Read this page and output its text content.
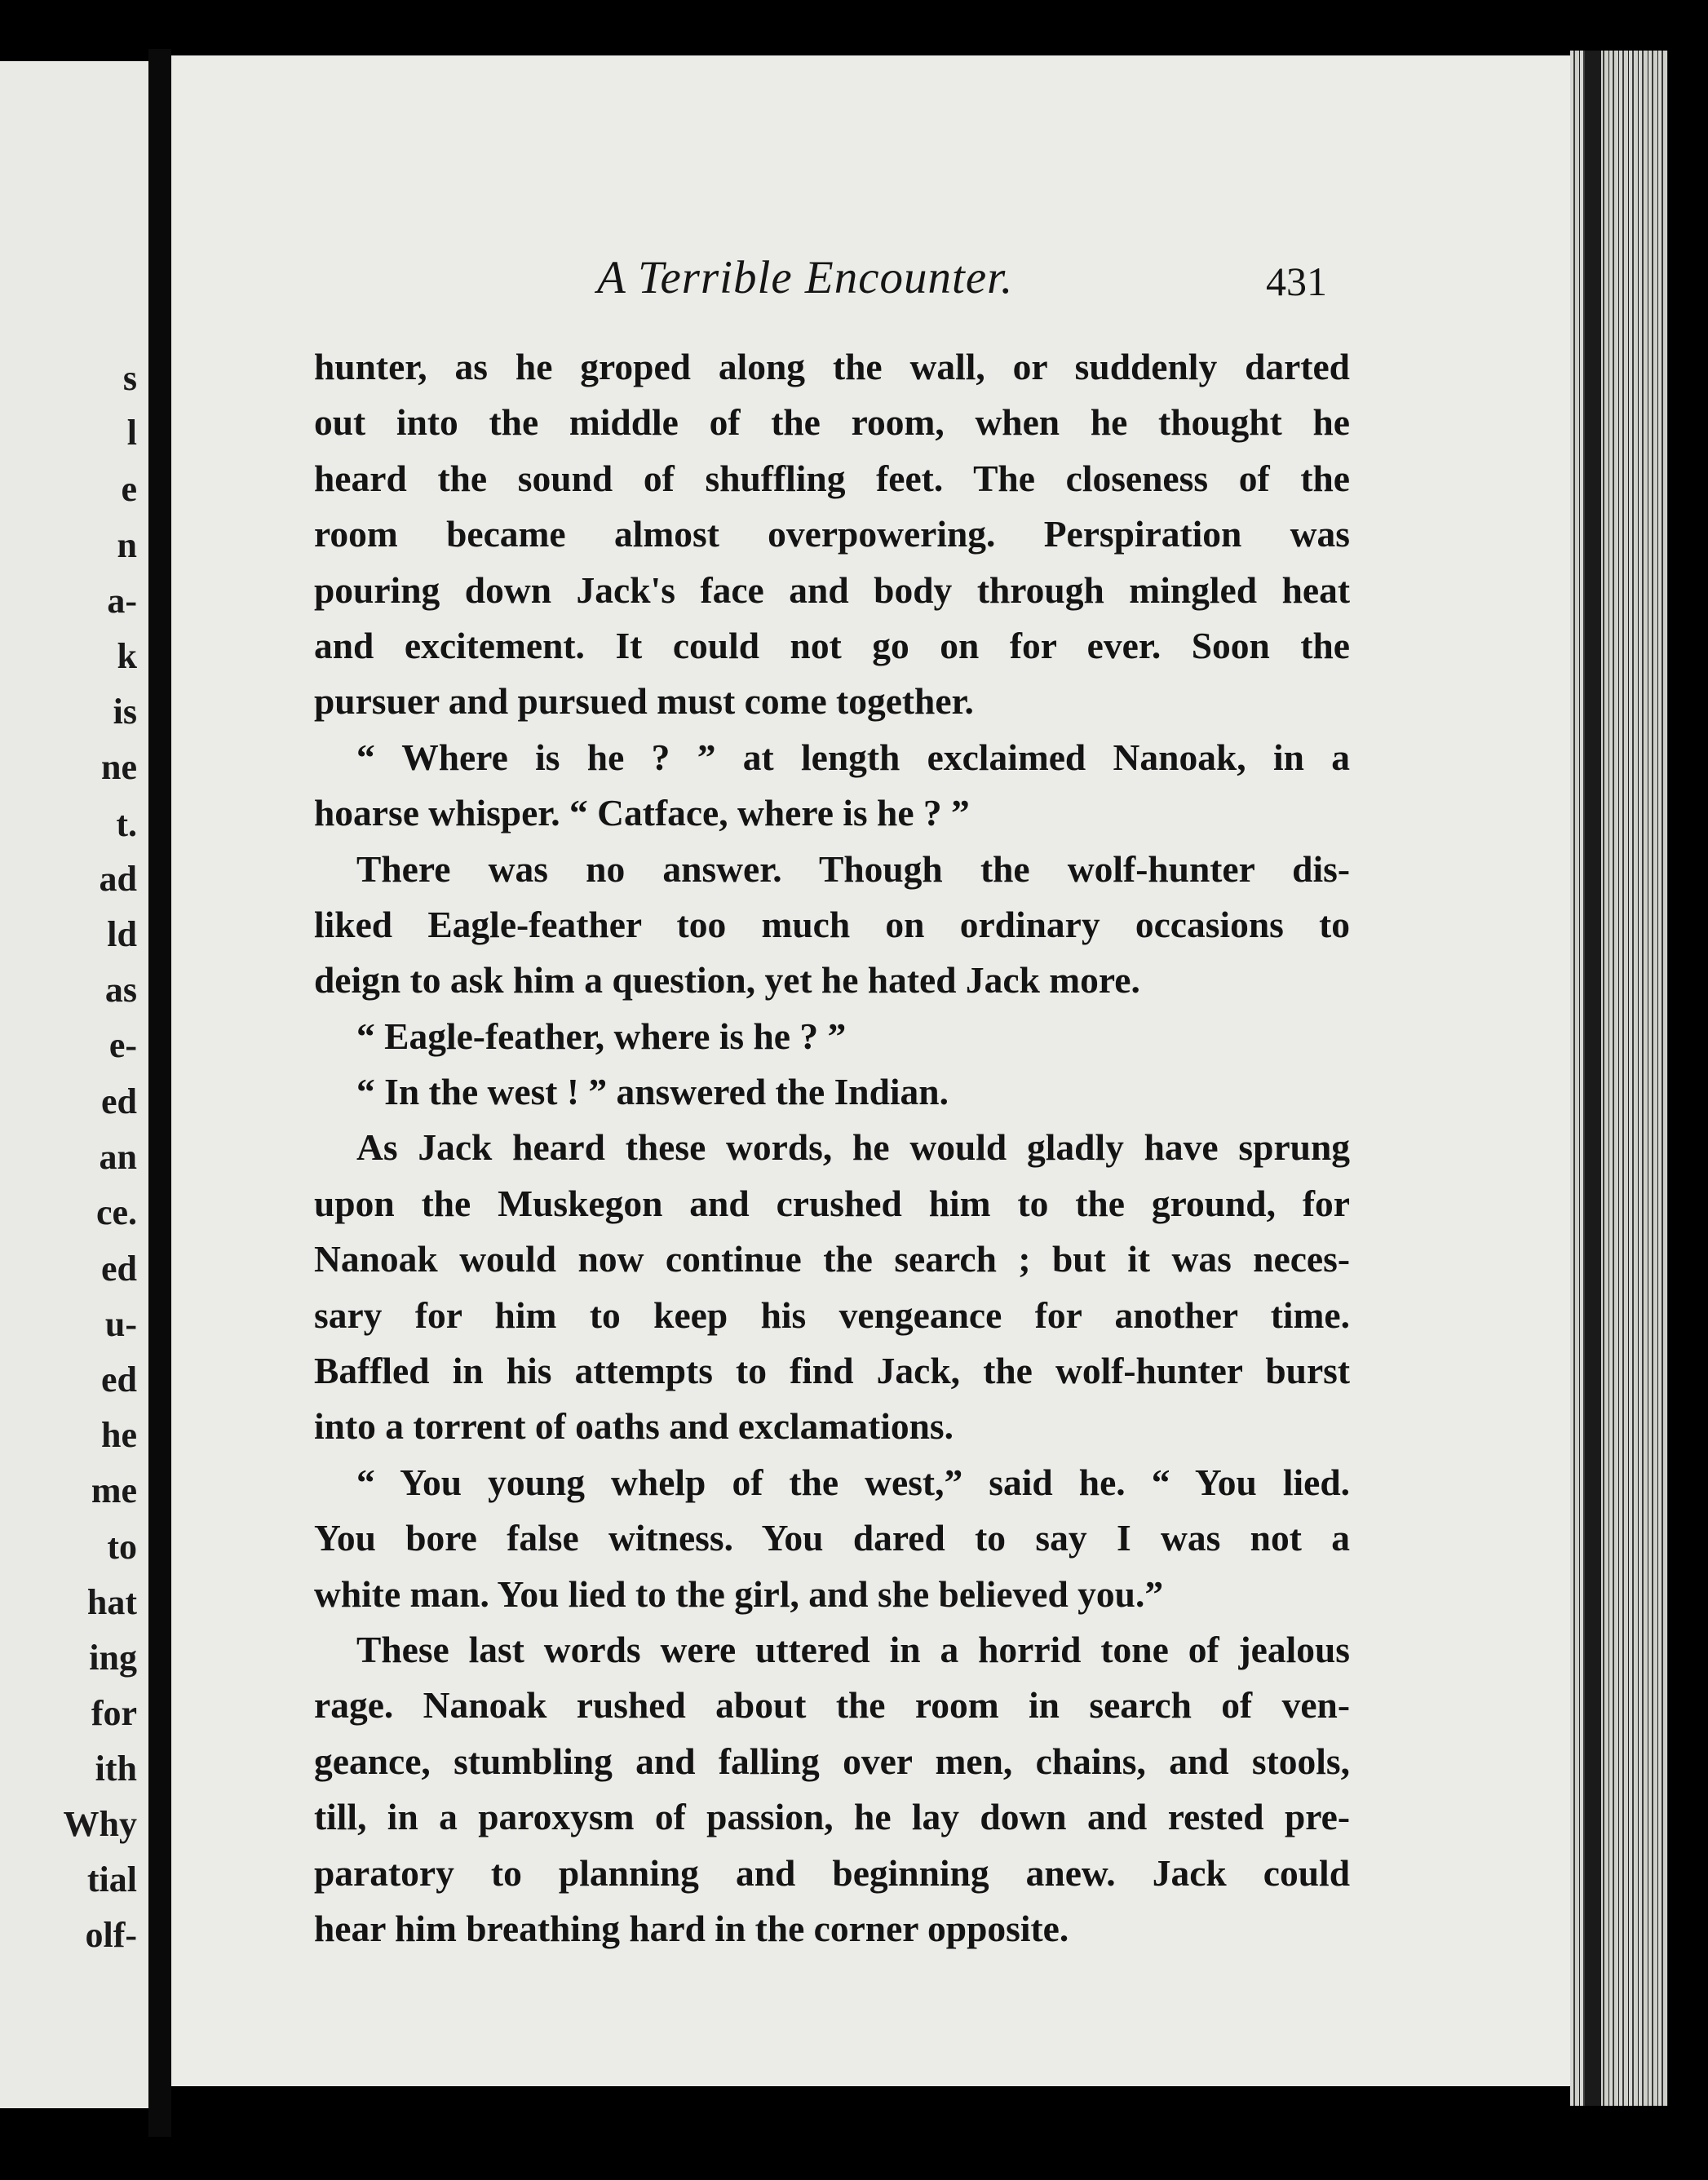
s
l
e
n
a-
k
is
ne
t.
ad
ld
as
e-
ed
an
ce.
ed
u-
ed
he
me
to
hat
ing
for
ith
Why
tial
olf-
A Terrible Encounter.	431
hunter, as he groped along the wall, or suddenly darted
out into the middle of the room, when he thought he
heard the sound of shuffling feet. The closeness of the
room became almost overpowering. Perspiration was
pouring down Jack's face and body through mingled heat
and excitement. It could not go on for ever. Soon the
pursuer and pursued must come together.
“ Where is he ? ” at length exclaimed Nanoak, in a
hoarse whisper. “ Catface, where is he ? ”
There was no answer. Though the wolf-hunter dis-
liked Eagle-feather too much on ordinary occasions to
deign to ask him a question, yet he hated Jack more.
“ Eagle-feather, where is he ? ”
“ In the west ! ” answered the Indian.
As Jack heard these words, he would gladly have sprung
upon the Muskegon and crushed him to the ground, for
Nanoak would now continue the search ; but it was neces-
sary for him to keep his vengeance for another time.
Baffled in his attempts to find Jack, the wolf-hunter burst
into a torrent of oaths and exclamations.
“ You young whelp of the west,” said he. “ You lied.
You bore false witness. You dared to say I was not a
white man. You lied to the girl, and she believed you.”
These last words were uttered in a horrid tone of jealous
rage. Nanoak rushed about the room in search of ven-
geance, stumbling and falling over men, chains, and stools,
till, in a paroxysm of passion, he lay down and rested pre-
paratory to planning and beginning anew. Jack could
hear him breathing hard in the corner opposite.
